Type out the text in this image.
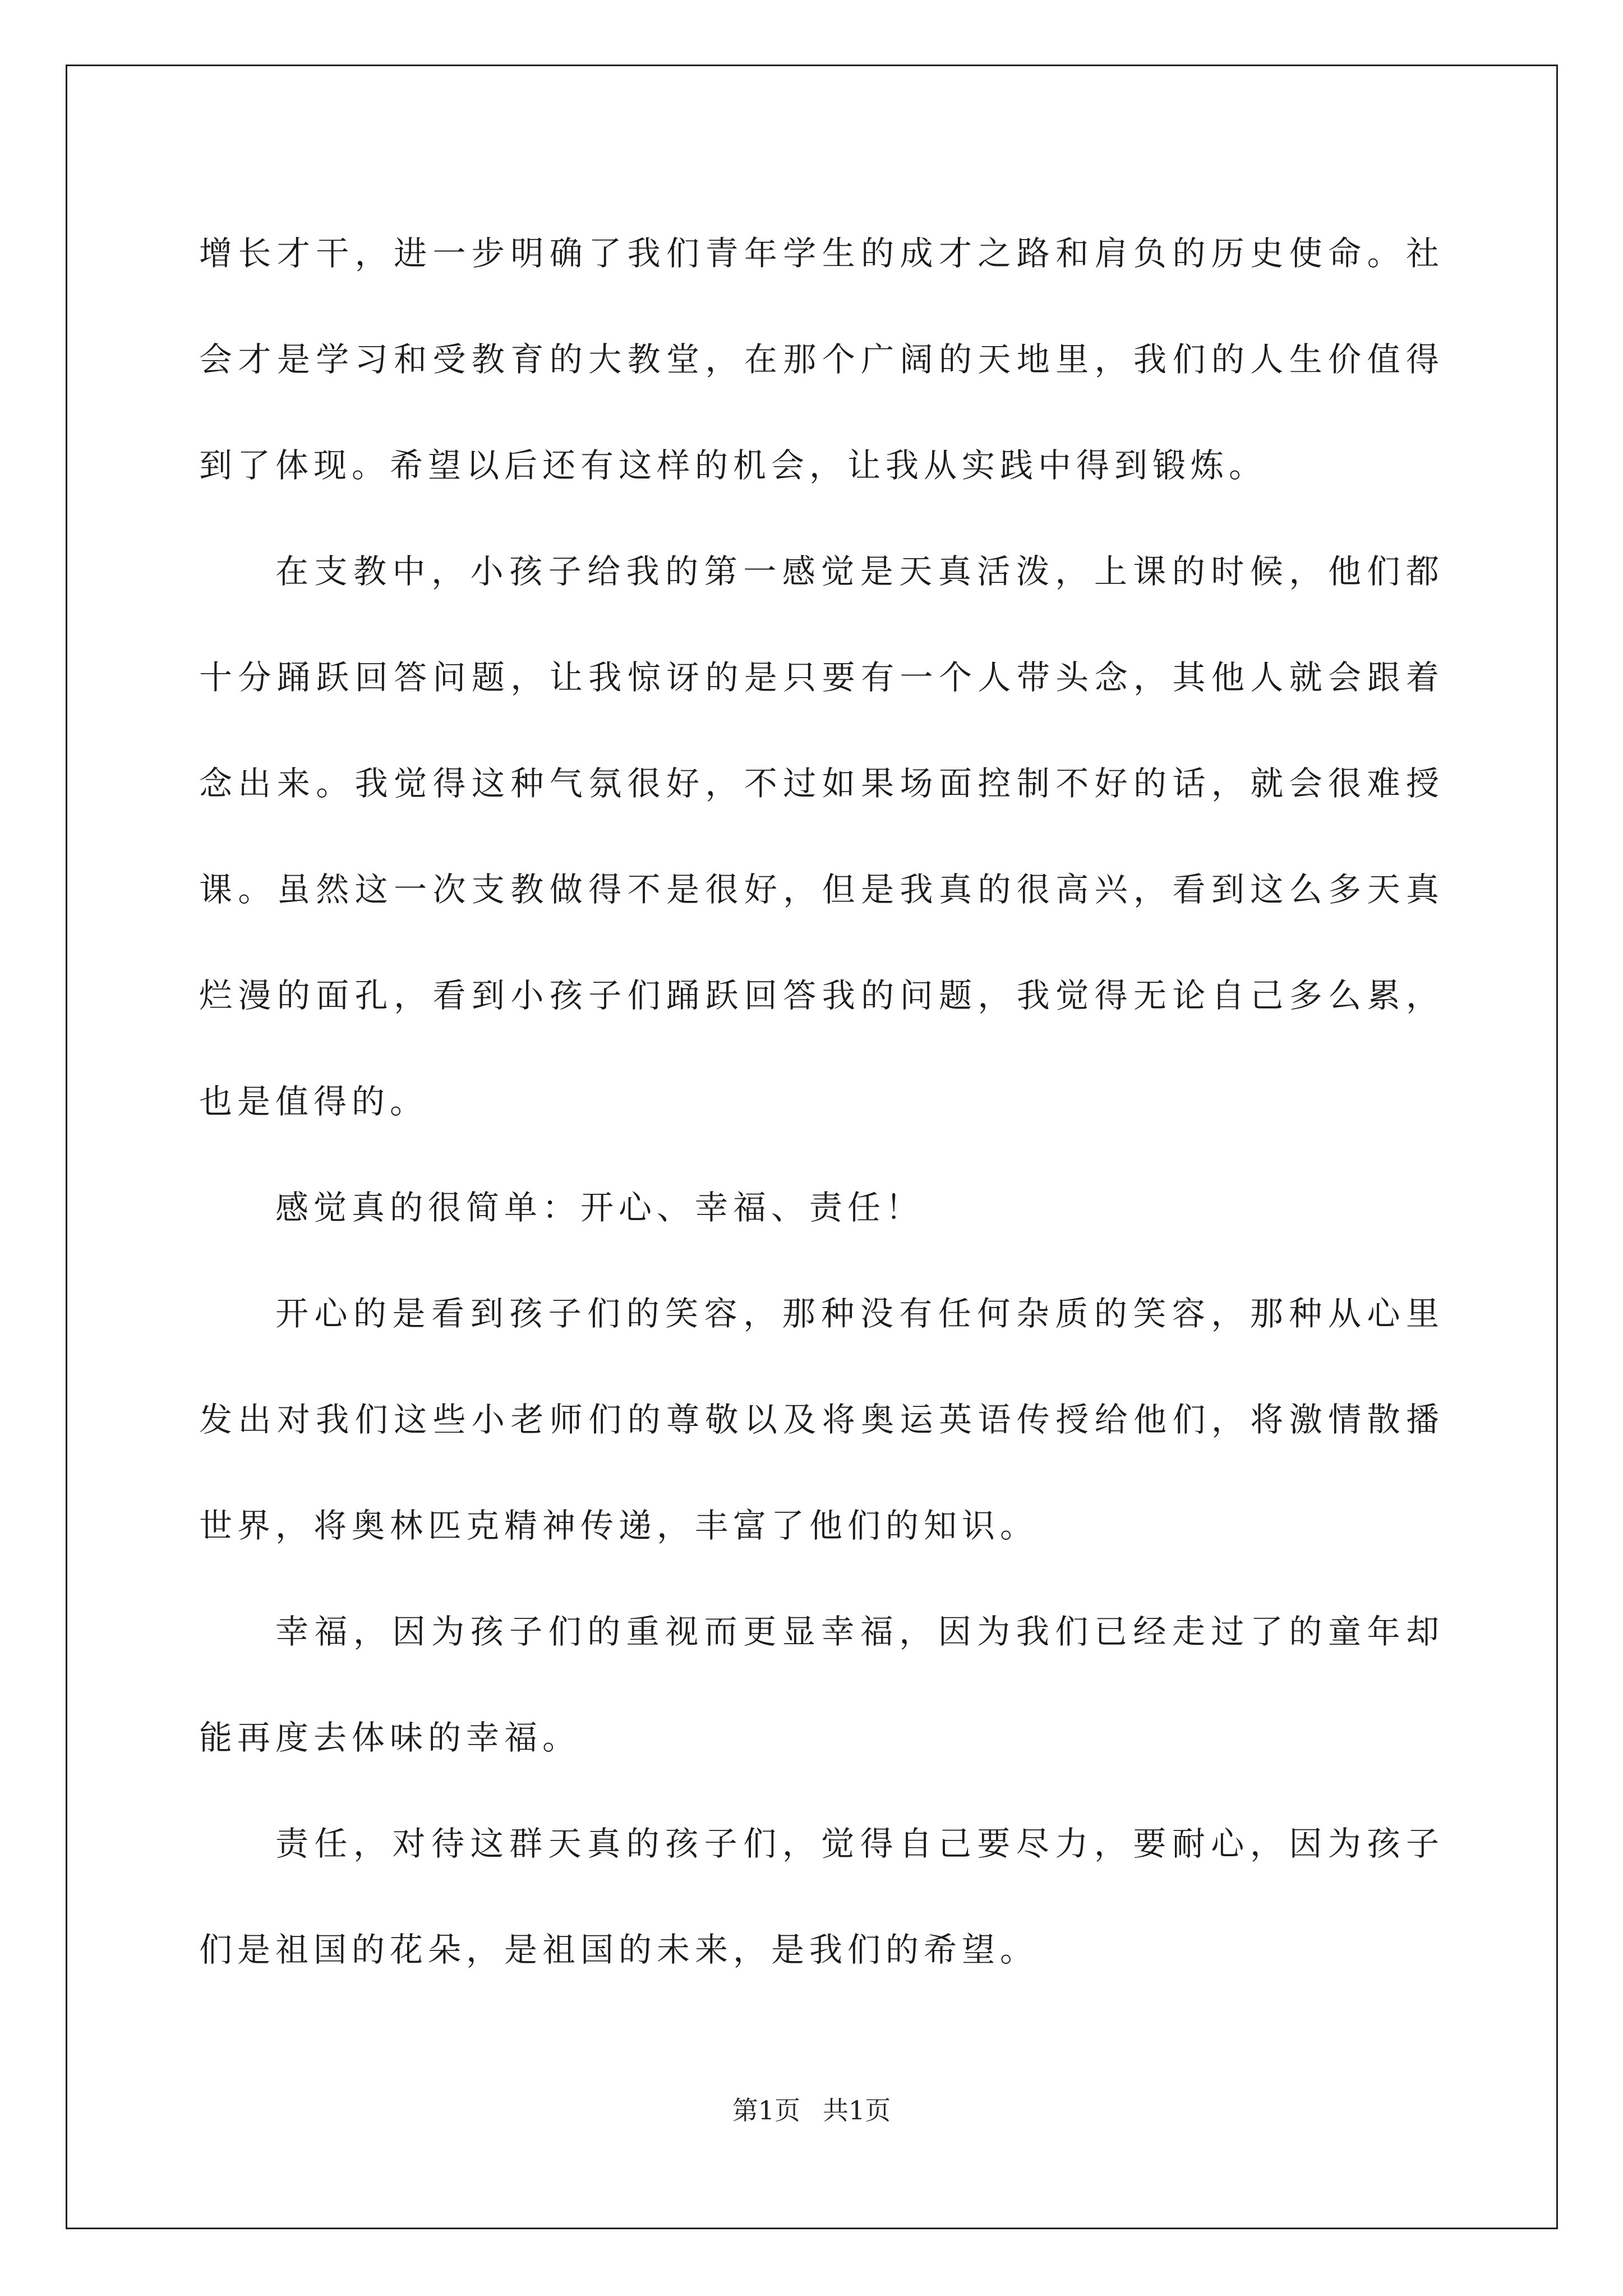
增长才干，进一步明确了我们青年学生的成才之路和肩负的历史使命。社会才是学习和受教育的大教堂，在那个广阔的天地里，我们的人生价值得到了体现。希望以后还有这样的机会，让我从实践中得到锻炼。

在支教中，小孩子给我的第一感觉是天真活泼，上课的时候，他们都十分踊跃回答问题，让我惊讶的是只要有一个人带头念，其他人就会跟着念出来。我觉得这种气氛很好，不过如果场面控制不好的话，就会很难授课。虽然这一次支教做得不是很好，但是我真的很高兴，看到这么多天真烂漫的面孔，看到小孩子们踊跃回答我的问题，我觉得无论自己多么累，也是值得的。

感觉真的很简单：开心、幸福、责任！

开心的是看到孩子们的笑容，那种没有任何杂质的笑容，那种从心里发出对我们这些小老师们的尊敬以及将奥运英语传授给他们，将激情散播世界，将奥林匹克精神传递，丰富了他们的知识。

幸福，因为孩子们的重视而更显幸福，因为我们已经走过了的童年却能再度去体味的幸福。

责任，对待这群天真的孩子们，觉得自己要尽力，要耐心，因为孩子们是祖国的花朵，是祖国的未来，是我们的希望。

第1页 共1页
